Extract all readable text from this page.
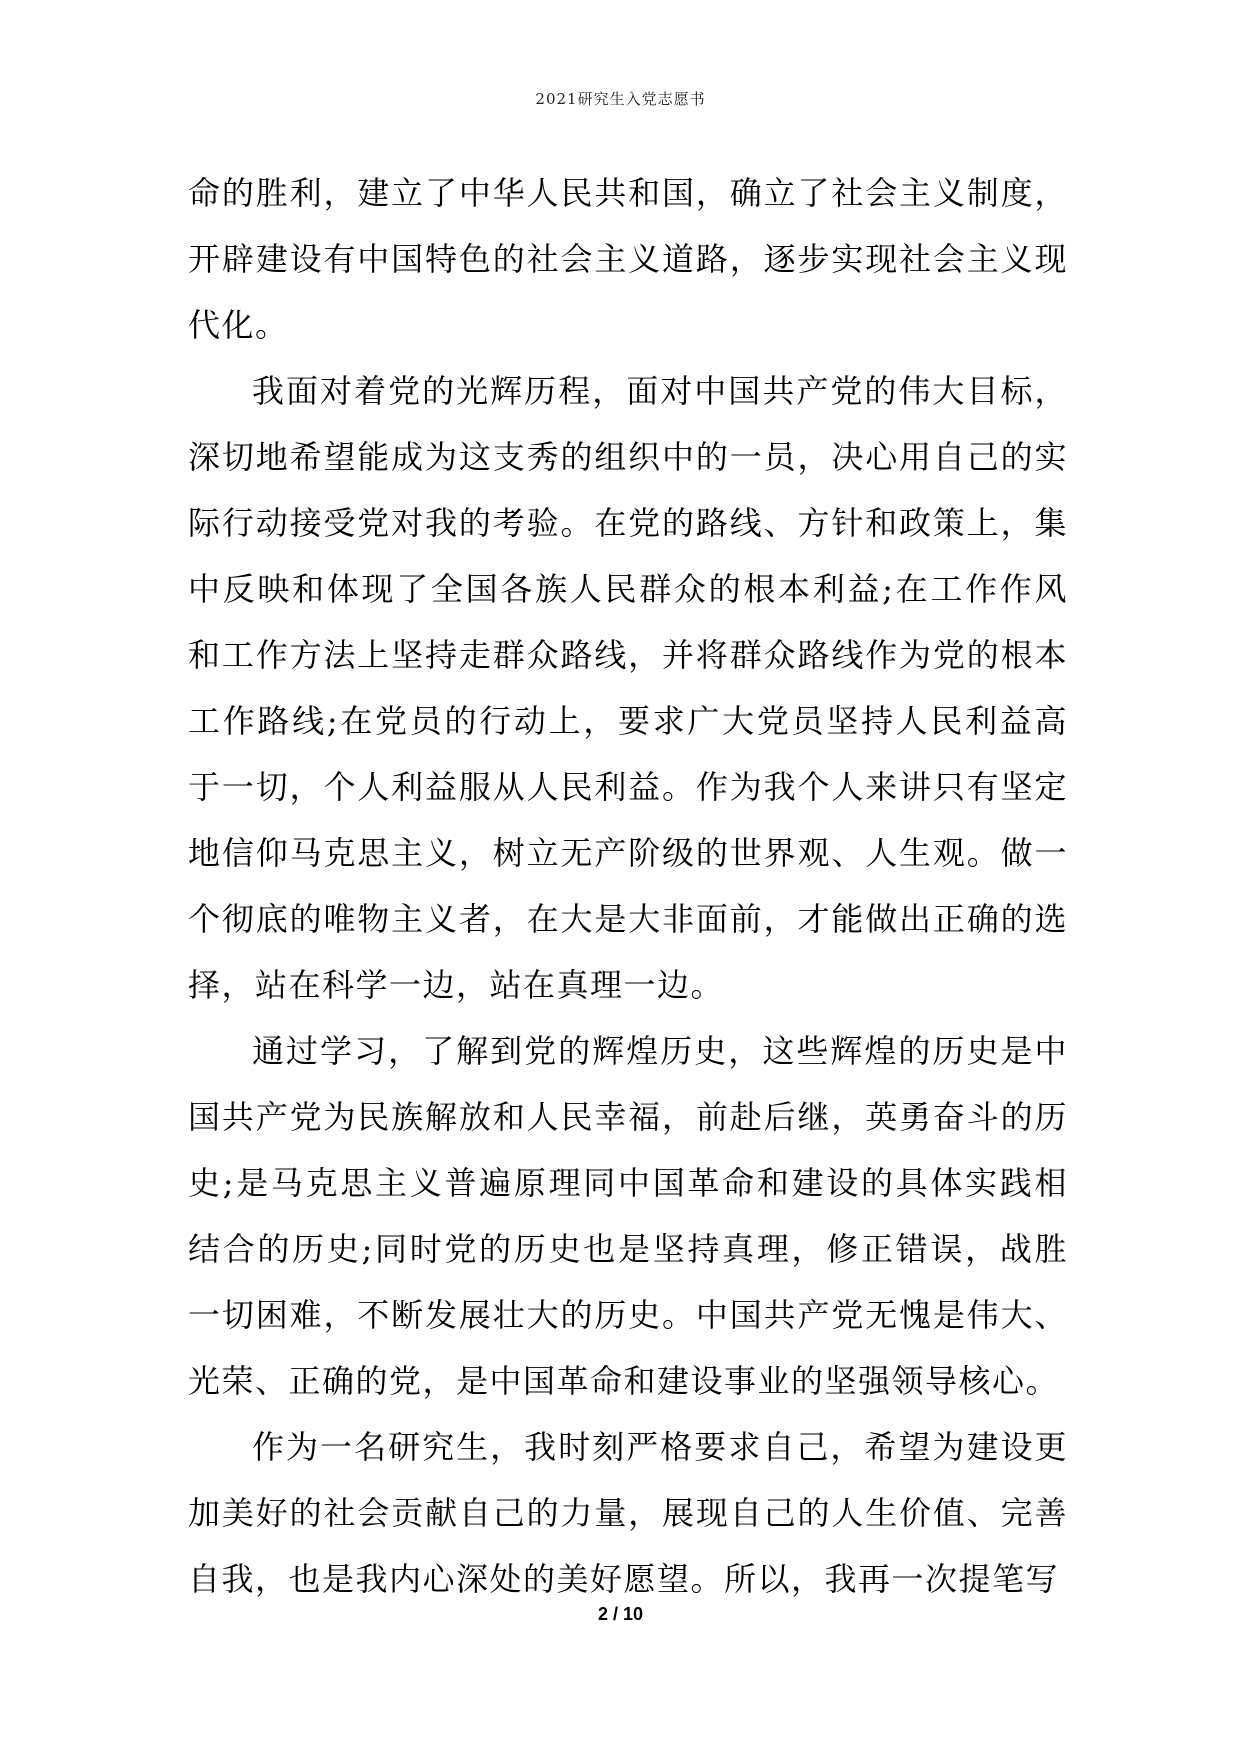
2021研究生入党志愿书

命的胜利，建立了中华人民共和国，确立了社会主义制度，开辟建设有中国特色的社会主义道路，逐步实现社会主义现代化。

我面对着党的光辉历程，面对中国共产党的伟大目标，深切地希望能成为这支秀的组织中的一员，决心用自己的实际行动接受党对我的考验。在党的路线、方针和政策上，集中反映和体现了全国各族人民群众的根本利益;在工作作风和工作方法上坚持走群众路线，并将群众路线作为党的根本工作路线;在党员的行动上，要求广大党员坚持人民利益高于一切，个人利益服从人民利益。作为我个人来讲只有坚定地信仰马克思主义，树立无产阶级的世界观、人生观。做一个彻底的唯物主义者，在大是大非面前，才能做出正确的选择，站在科学一边，站在真理一边。

通过学习，了解到党的辉煌历史，这些辉煌的历史是中国共产党为民族解放和人民幸福，前赴后继，英勇奋斗的历史;是马克思主义普遍原理同中国革命和建设的具体实践相结合的历史;同时党的历史也是坚持真理，修正错误，战胜一切困难，不断发展壮大的历史。中国共产党无愧是伟大、光荣、正确的党，是中国革命和建设事业的坚强领导核心。

作为一名研究生，我时刻严格要求自己，希望为建设更加美好的社会贡献自己的力量，展现自己的人生价值、完善自我，也是我内心深处的美好愿望。所以，我再一次提笔写

2 / 10
